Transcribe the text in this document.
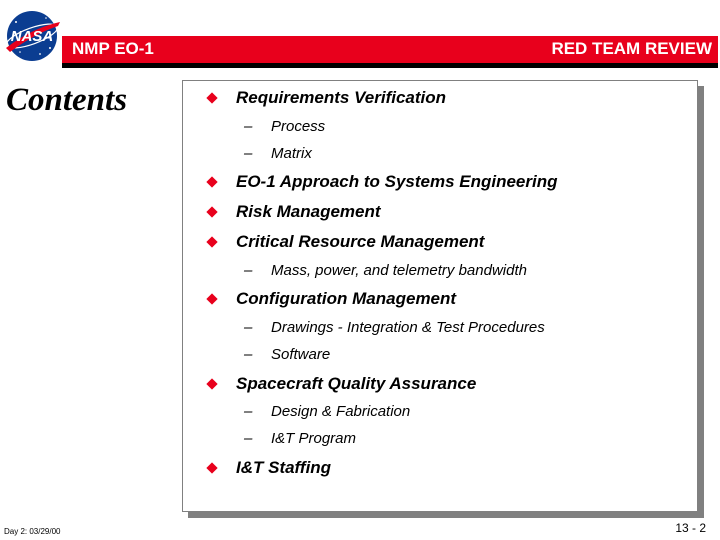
NASA
NMP EO-1	RED TEAM REVIEW
Contents	Requirements Verification
– Process
– Matrix
EO-1 Approach to Systems Engineering
Risk Management
Critical Resource Management
– Mass, power, and telemetry bandwidth
Configuration Management
– Drawings - Integration & Test Procedures
– Software
Spacecraft Quality Assurance
– Design & Fabrication
– I&T Program
I&T Staffing
Day 2: 03/29/00	13 - 2
